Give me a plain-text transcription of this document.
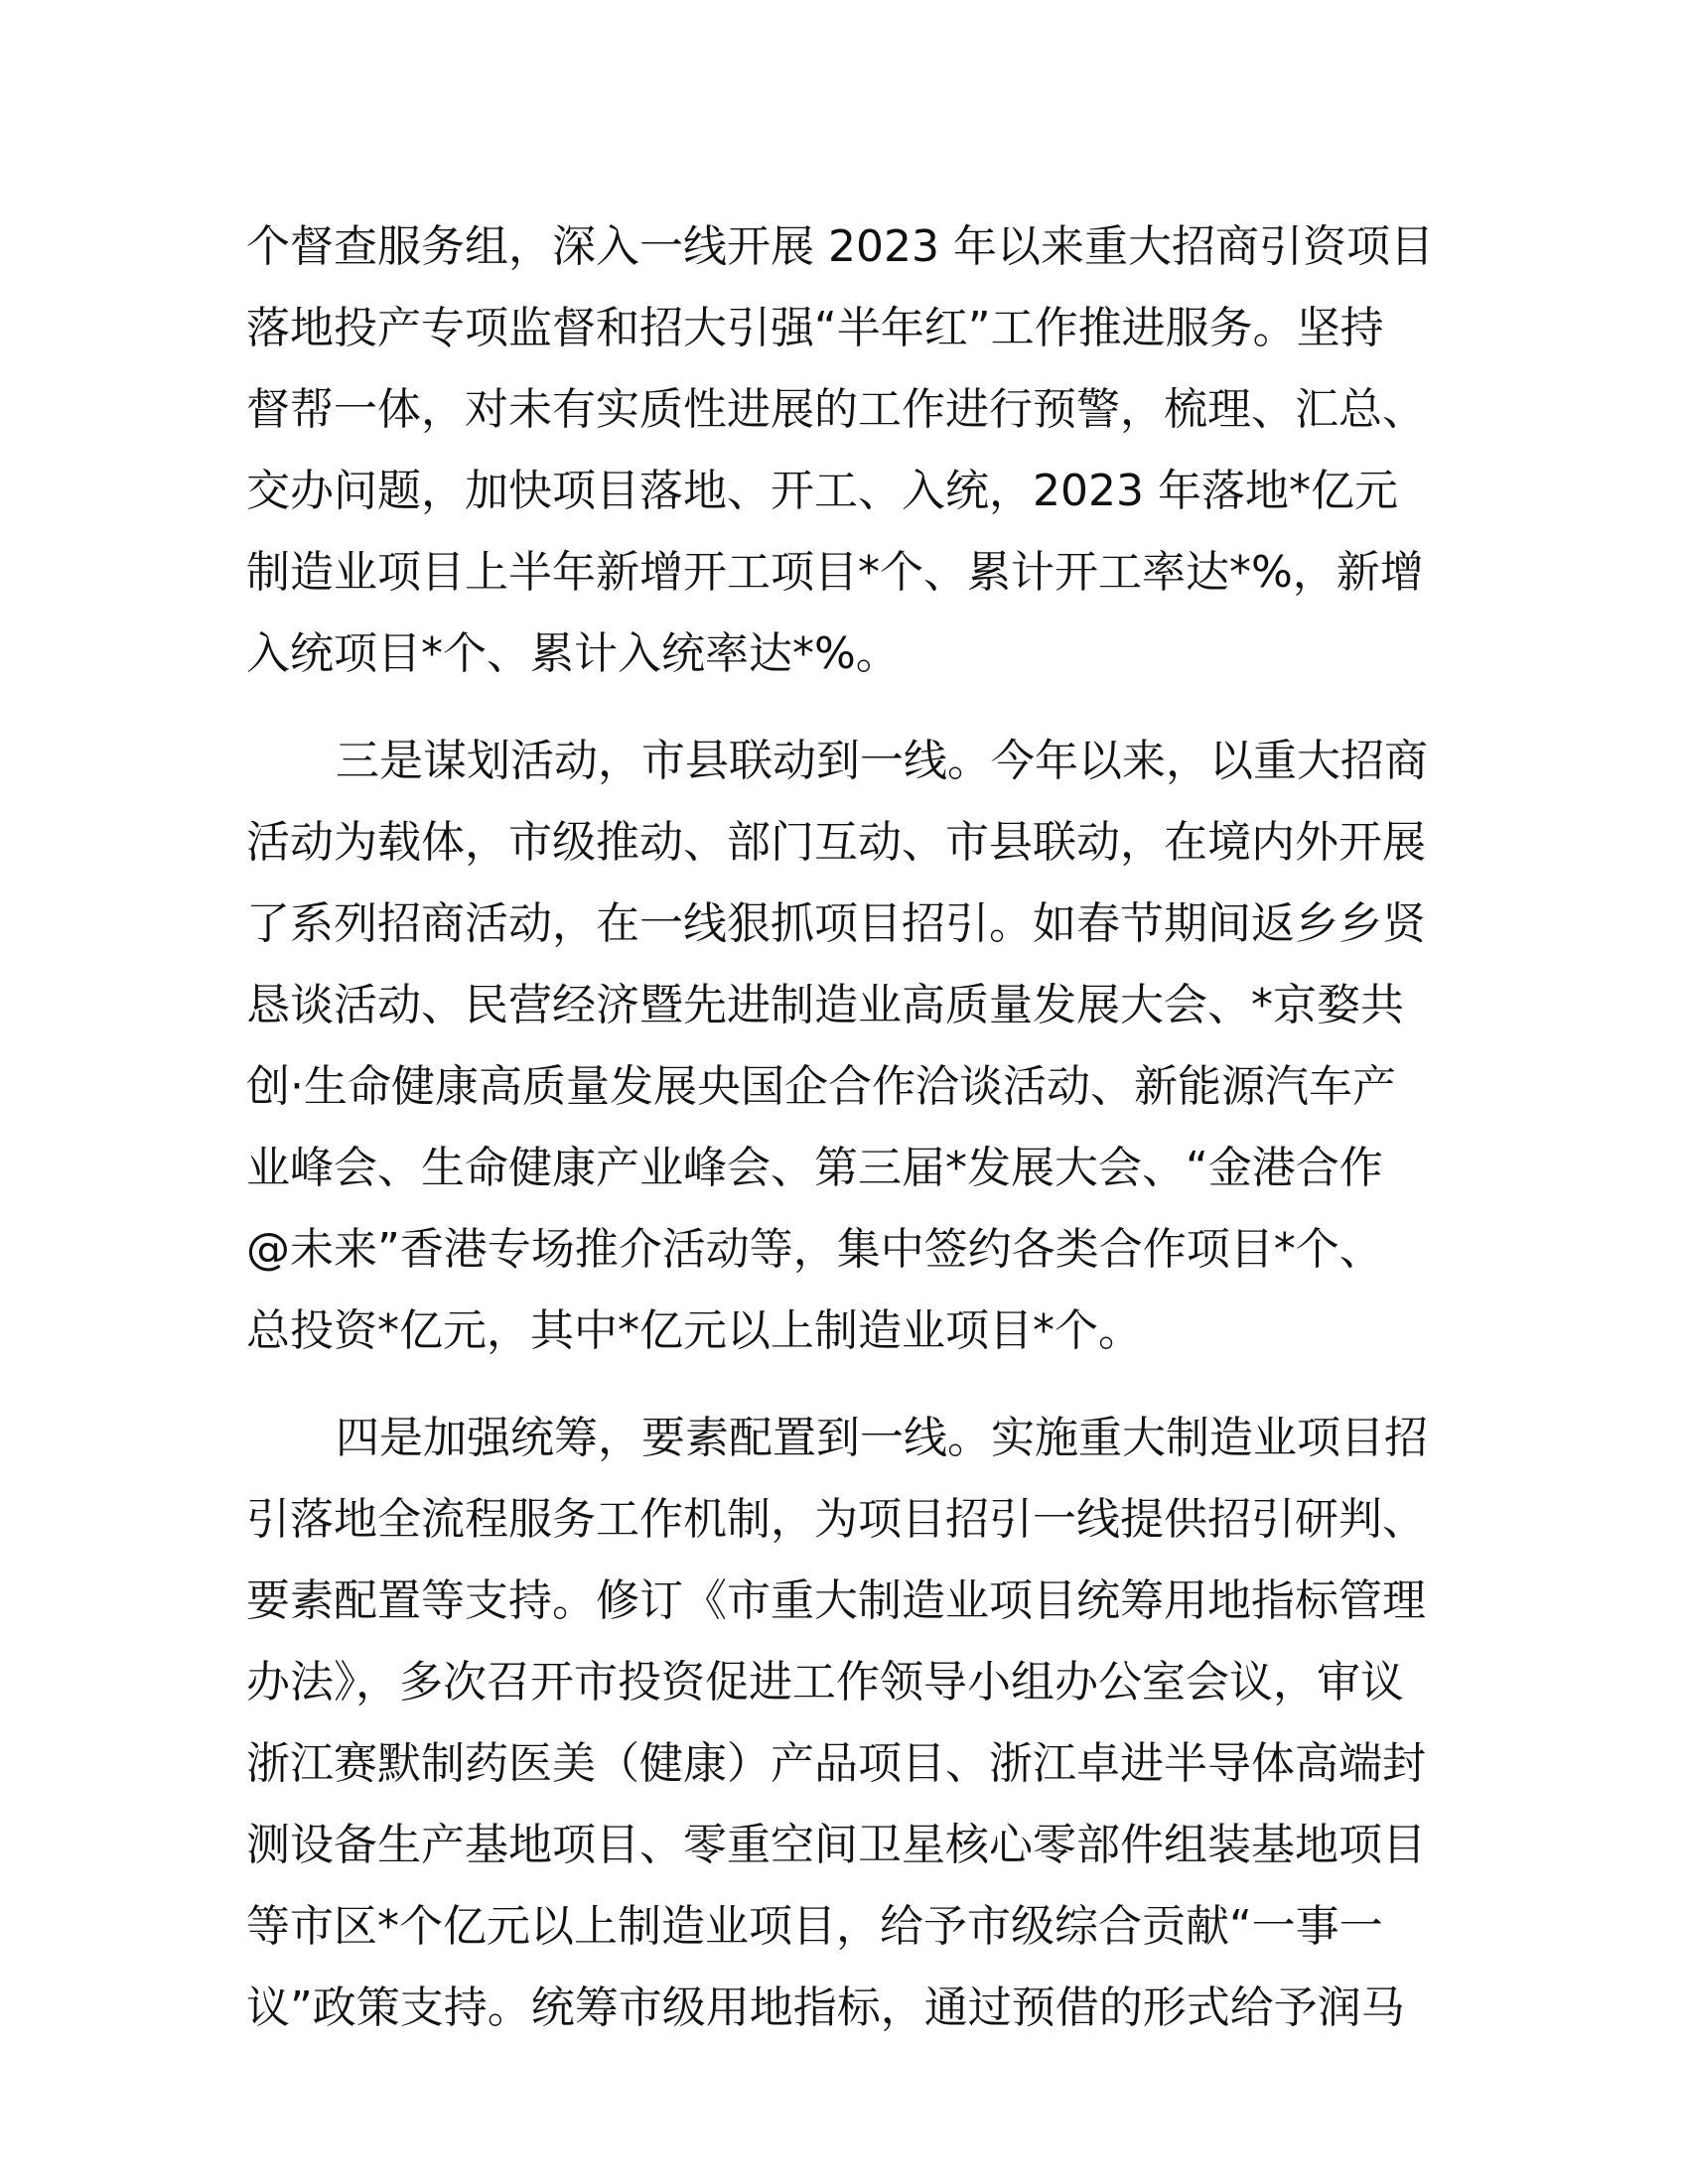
个督查服务组，深入一线开展 2023 年以来重大招商引资项目
落地投产专项监督和招大引强“半年红”工作推进服务。坚持
督帮一体，对未有实质性进展的工作进行预警，梳理、汇总、
交办问题，加快项目落地、开工、入统，2023 年落地*亿元
制造业项目上半年新增开工项目*个、累计开工率达*%，新增
入统项目*个、累计入统率达*%。
三是谋划活动，市县联动到一线。今年以来，以重大招商
活动为载体，市级推动、部门互动、市县联动，在境内外开展
了系列招商活动，在一线狠抓项目招引。如春节期间返乡乡贤
恳谈活动、民营经济暨先进制造业高质量发展大会、*京婺共
创·生命健康高质量发展央国企合作洽谈活动、新能源汽车产
业峰会、生命健康产业峰会、第三届*发展大会、“金港合作
@未来”香港专场推介活动等，集中签约各类合作项目*个、
总投资*亿元，其中*亿元以上制造业项目*个。
四是加强统筹，要素配置到一线。实施重大制造业项目招
引落地全流程服务工作机制，为项目招引一线提供招引研判、
要素配置等支持。修订《市重大制造业项目统筹用地指标管理
办法》，多次召开市投资促进工作领导小组办公室会议，审议
浙江赛默制药医美（健康）产品项目、浙江卓进半导体高端封
测设备生产基地项目、零重空间卫星核心零部件组装基地项目
等市区*个亿元以上制造业项目，给予市级综合贡献“一事一
议”政策支持。统筹市级用地指标，通过预借的形式给予润马
